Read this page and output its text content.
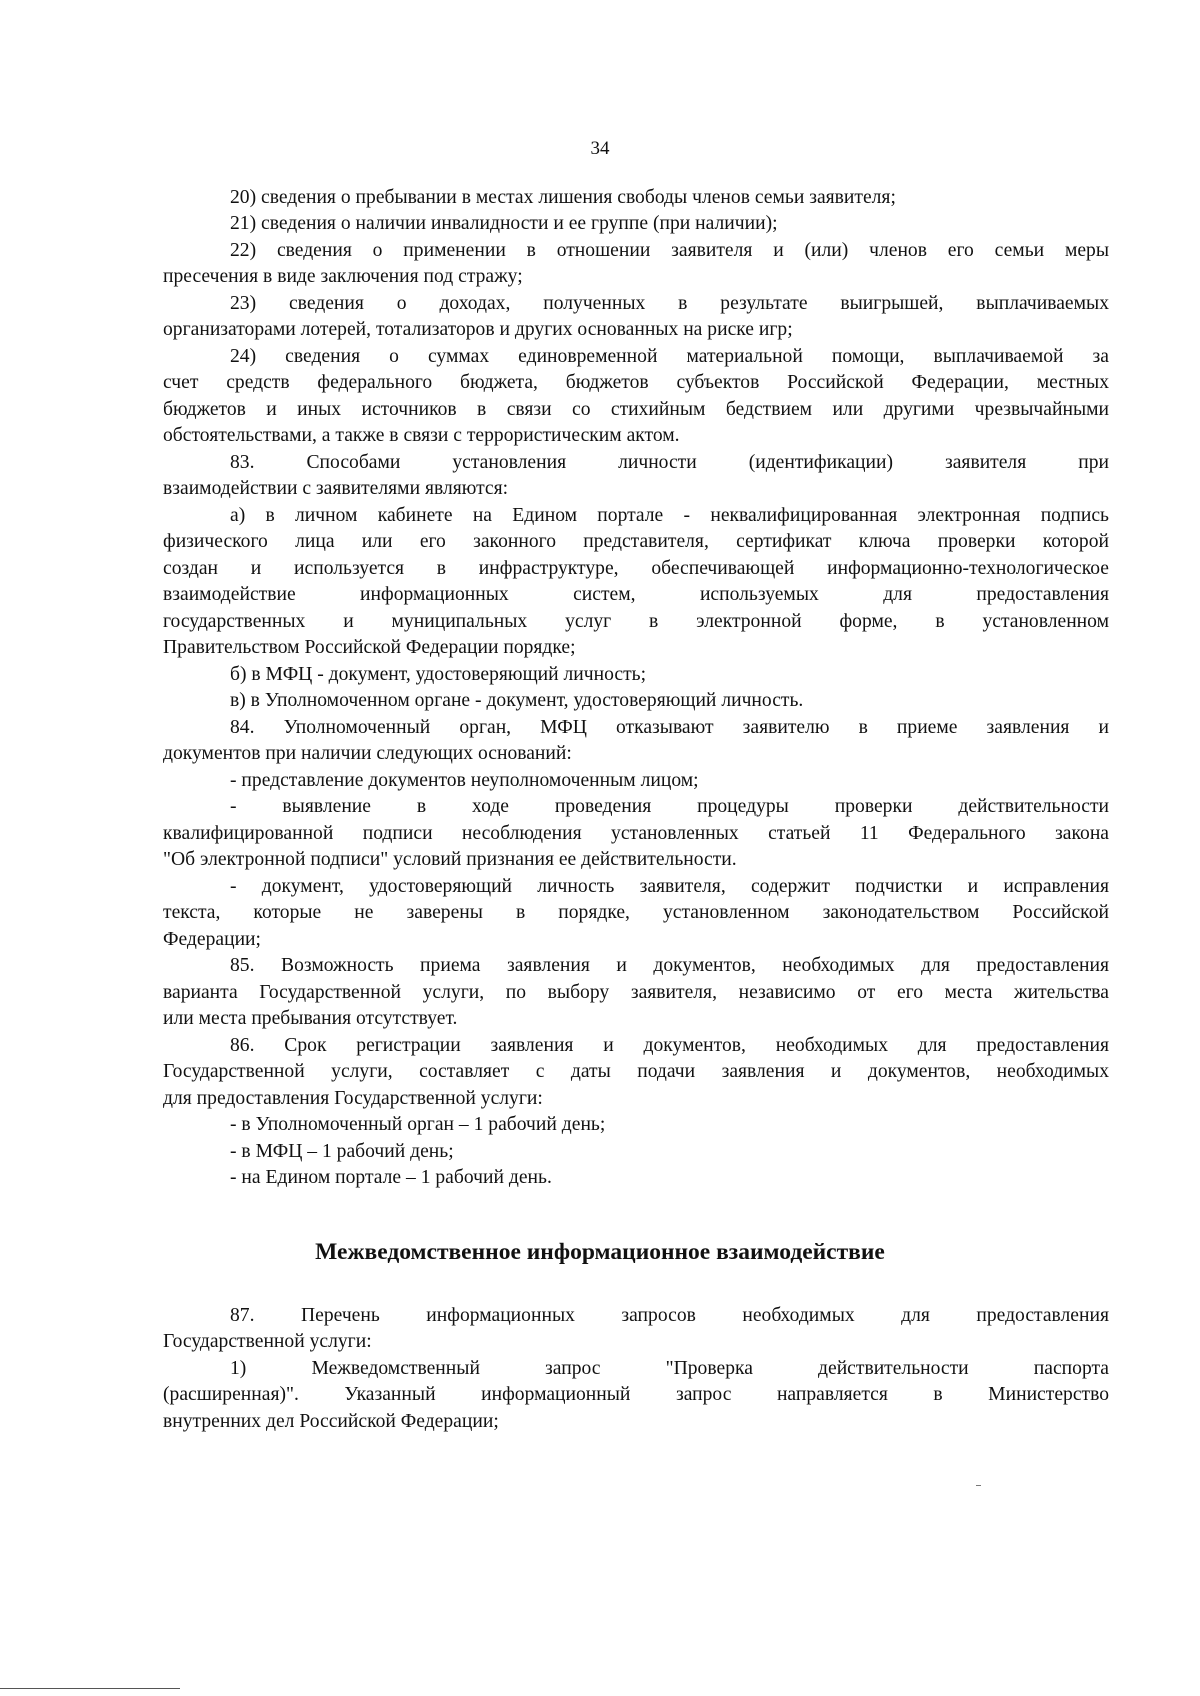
34
20) сведения о пребывании в местах лишения свободы членов семьи заявителя;
21) сведения о наличии инвалидности и ее группе (при наличии);
22) сведения о применении в отношении заявителя и (или) членов его семьи меры
пресечения в виде заключения под стражу;
23) сведения о доходах, полученных в результате выигрышей, выплачиваемых
организаторами лотерей, тотализаторов и других основанных на риске игр;
24) сведения о суммах единовременной материальной помощи, выплачиваемой за
счет средств федерального бюджета, бюджетов субъектов Российской Федерации, местных
бюджетов и иных источников в связи со стихийным бедствием или другими чрезвычайными
обстоятельствами, а также в связи с террористическим актом.
83. Способами установления личности (идентификации) заявителя при
взаимодействии с заявителями являются:
а) в личном кабинете на Едином портале - неквалифицированная электронная подпись
физического лица или его законного представителя, сертификат ключа проверки которой
создан и используется в инфраструктуре, обеспечивающей информационно-технологическое
взаимодействие информационных систем, используемых для предоставления
государственных и муниципальных услуг в электронной форме, в установленном
Правительством Российской Федерации порядке;
б) в МФЦ - документ, удостоверяющий личность;
в) в Уполномоченном органе - документ, удостоверяющий личность.
84. Уполномоченный орган, МФЦ отказывают заявителю в приеме заявления и
документов при наличии следующих оснований:
- представление документов неуполномоченным лицом;
- выявление в ходе проведения процедуры проверки действительности
квалифицированной подписи несоблюдения установленных статьей 11 Федерального закона
"Об электронной подписи" условий признания ее действительности.
- документ, удостоверяющий личность заявителя, содержит подчистки и исправления
текста, которые не заверены в порядке, установленном законодательством Российской
Федерации;
85. Возможность приема заявления и документов, необходимых для предоставления
варианта Государственной услуги, по выбору заявителя, независимо от его места жительства
или места пребывания отсутствует.
86. Срок регистрации заявления и документов, необходимых для предоставления
Государственной услуги, составляет с даты подачи заявления и документов, необходимых
для предоставления Государственной услуги:
- в Уполномоченный орган – 1 рабочий день;
- в МФЦ – 1 рабочий день;
- на Едином портале – 1 рабочий день.
Межведомственное информационное взаимодействие
87. Перечень информационных запросов необходимых для предоставления
Государственной услуги:
1) Межведомственный запрос "Проверка действительности паспорта
(расширенная)". Указанный информационный запрос направляется в Министерство
внутренних дел Российской Федерации;
